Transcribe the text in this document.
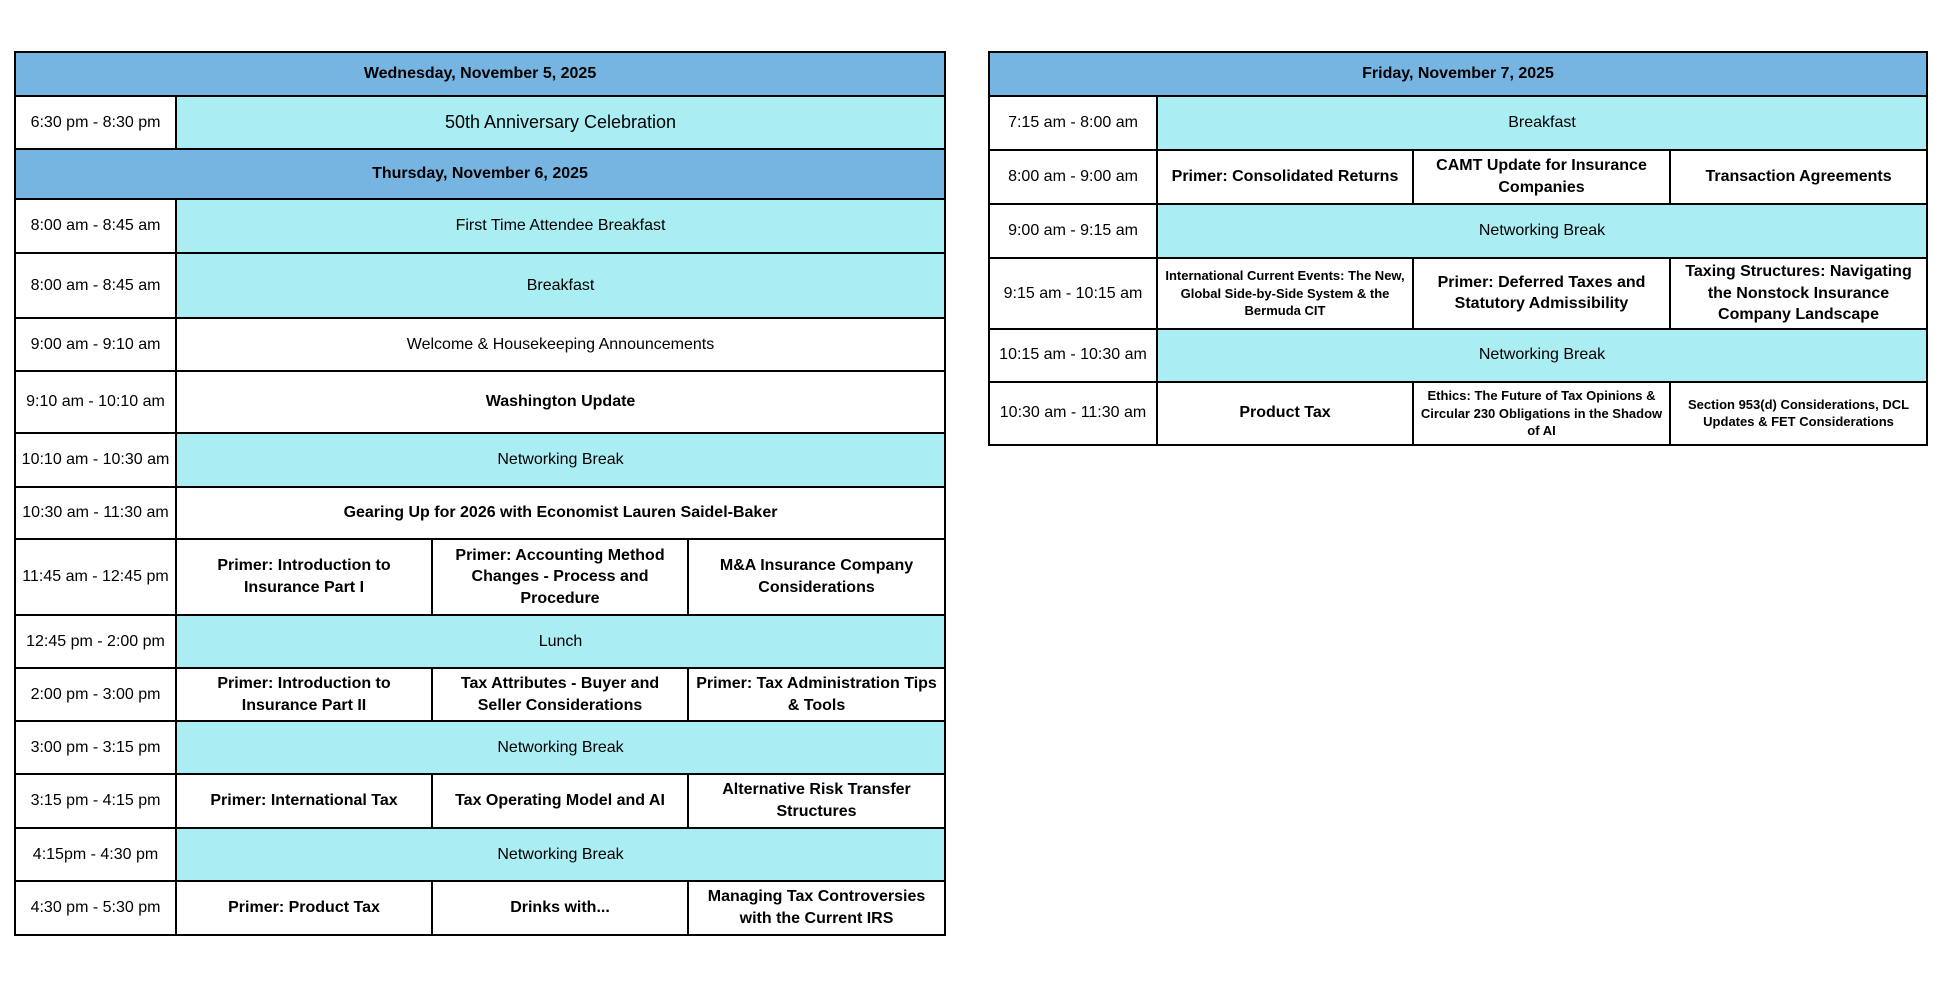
Wednesday, November 5, 2025			
6:30 pm - 8:30 pm	50th Anniversary Celebration		
Thursday, November 6, 2025			
8:00 am - 8:45 am	First Time Attendee Breakfast		
8:00 am - 8:45 am	Breakfast		
9:00 am - 9:10 am	Welcome & Housekeeping Announcements		
9:10 am - 10:10 am	Washington Update		
10:10 am - 10:30 am	Networking Break		
10:30 am - 11:30 am	Gearing Up for 2026 with Economist Lauren Saidel-Baker		
11:45 am - 12:45 pm	Primer: Introduction to Insurance Part I	Primer: Accounting Method Changes - Process and Procedure	M&A Insurance Company Considerations
12:45 pm - 2:00 pm	Lunch		
2:00 pm - 3:00 pm	Primer: Introduction to Insurance Part II	Tax Attributes - Buyer and Seller Considerations	Primer: Tax Administration Tips & Tools
3:00 pm - 3:15 pm	Networking Break		
3:15 pm - 4:15 pm	Primer: International Tax	Tax Operating Model and AI	Alternative Risk Transfer Structures
4:15pm - 4:30 pm	Networking Break		
4:30 pm - 5:30 pm	Primer: Product Tax	Drinks with...	Managing Tax Controversies with the Current IRS
Friday, November 7, 2025			
7:15 am - 8:00 am	Breakfast		
8:00 am - 9:00 am	Primer: Consolidated Returns	CAMT Update for Insurance Companies	Transaction Agreements
9:00 am - 9:15 am	Networking Break		
9:15 am - 10:15 am	International Current Events: The New, Global Side-by-Side System & the Bermuda CIT	Primer: Deferred Taxes and Statutory Admissibility	Taxing Structures: Navigating the Nonstock Insurance Company Landscape
10:15 am - 10:30 am	Networking Break		
10:30 am - 11:30 am	Product Tax	Ethics: The Future of Tax Opinions & Circular 230 Obligations in the Shadow of AI	Section 953(d) Considerations, DCL Updates & FET Considerations
